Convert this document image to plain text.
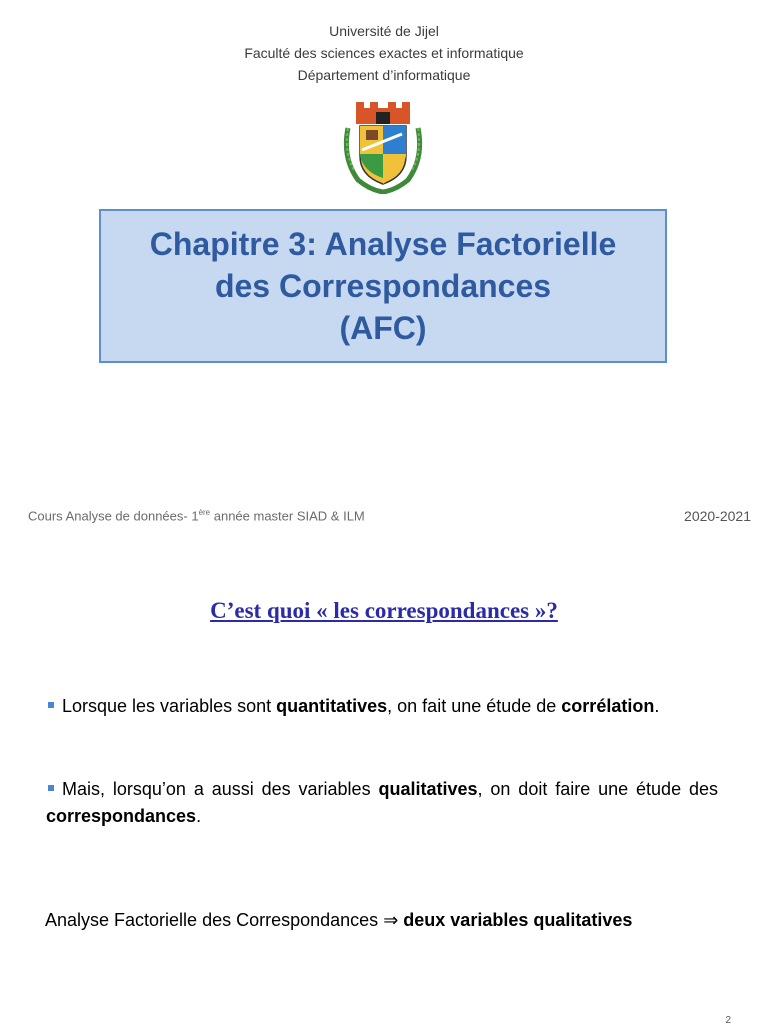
Université de Jijel
Faculté des sciences exactes et informatique
Département d’informatique
Chapitre 3: Analyse Factorielle
des Correspondances
(AFC)
Cours Analyse de données- 1ère année master SIAD & ILM	2020-2021
C’est quoi « les correspondances »?
Lorsque les variables sont quantitatives, on fait une étude de corrélation.
Mais, lorsqu’on a aussi des variables qualitatives, on doit faire une étude des correspondances.
Analyse Factorielle des Correspondances ⇒ deux variables qualitatives
2
